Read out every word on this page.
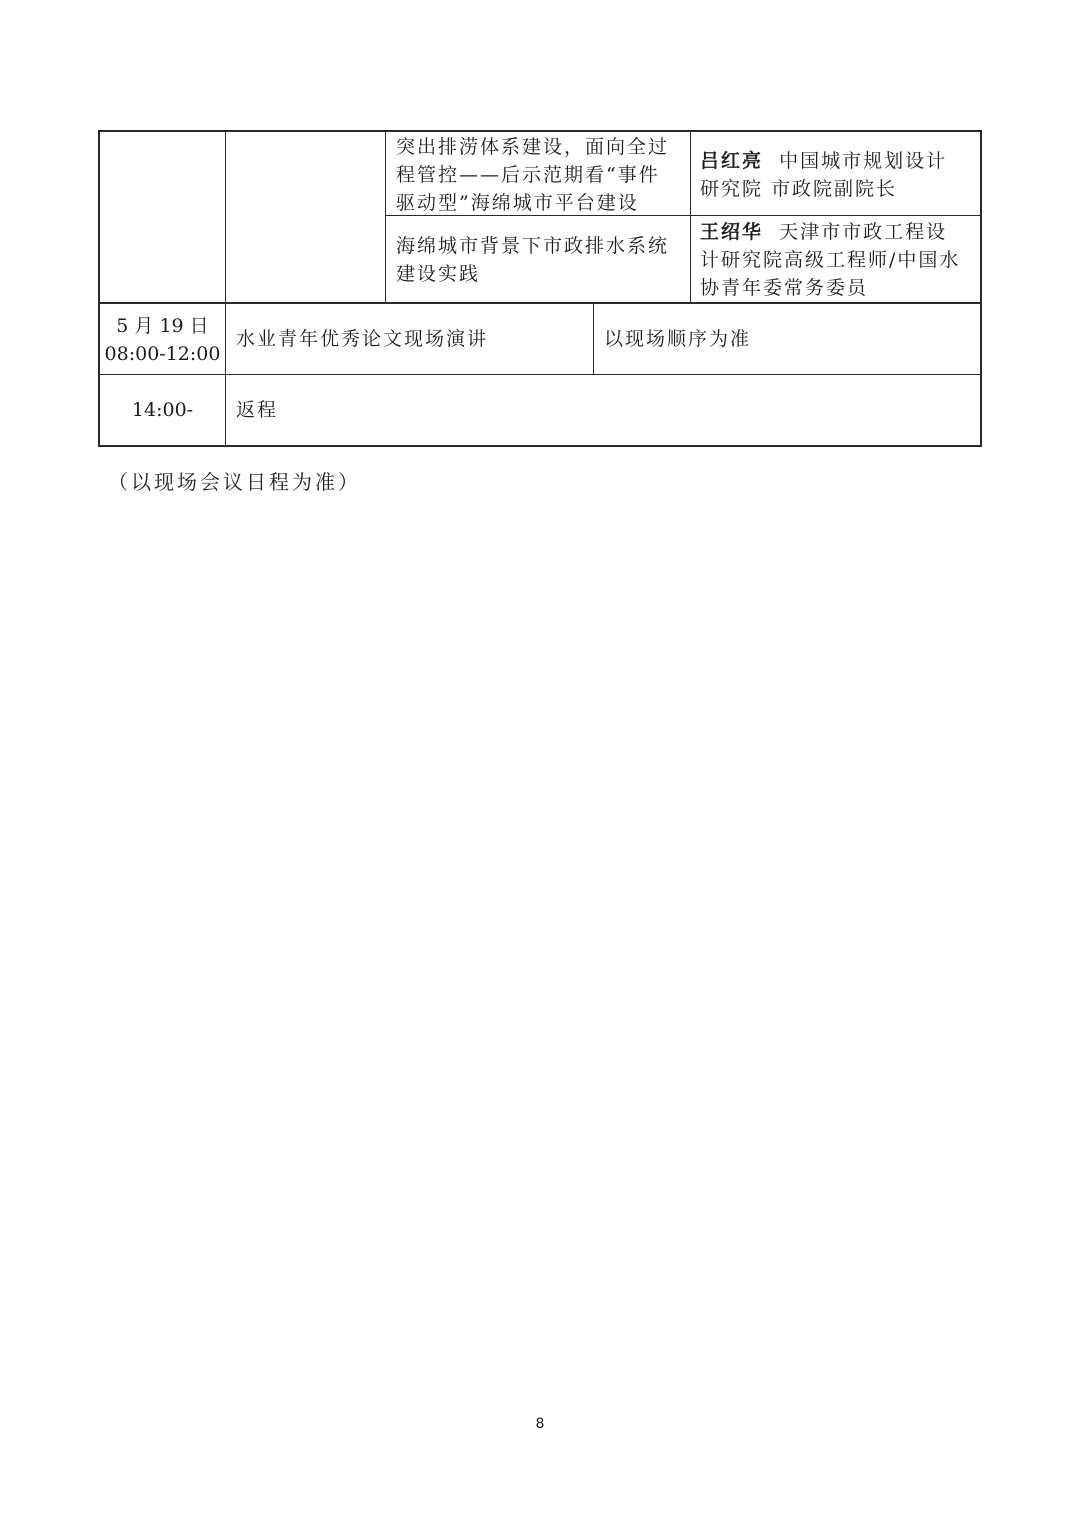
突出排涝体系建设，面向全过
程管控——后示范期看“事件
驱动型”海绵城市平台建设
吕红亮 中国城市规划设计
研究院 市政院副院长
海绵城市背景下市政排水系统
建设实践
王绍华 天津市市政工程设
计研究院高级工程师/中国水
协青年委常务委员
5 月 19 日
08:00-12:00
水业青年优秀论文现场演讲	以现场顺序为准
14:00-	返程
（以现场会议日程为准）
8
